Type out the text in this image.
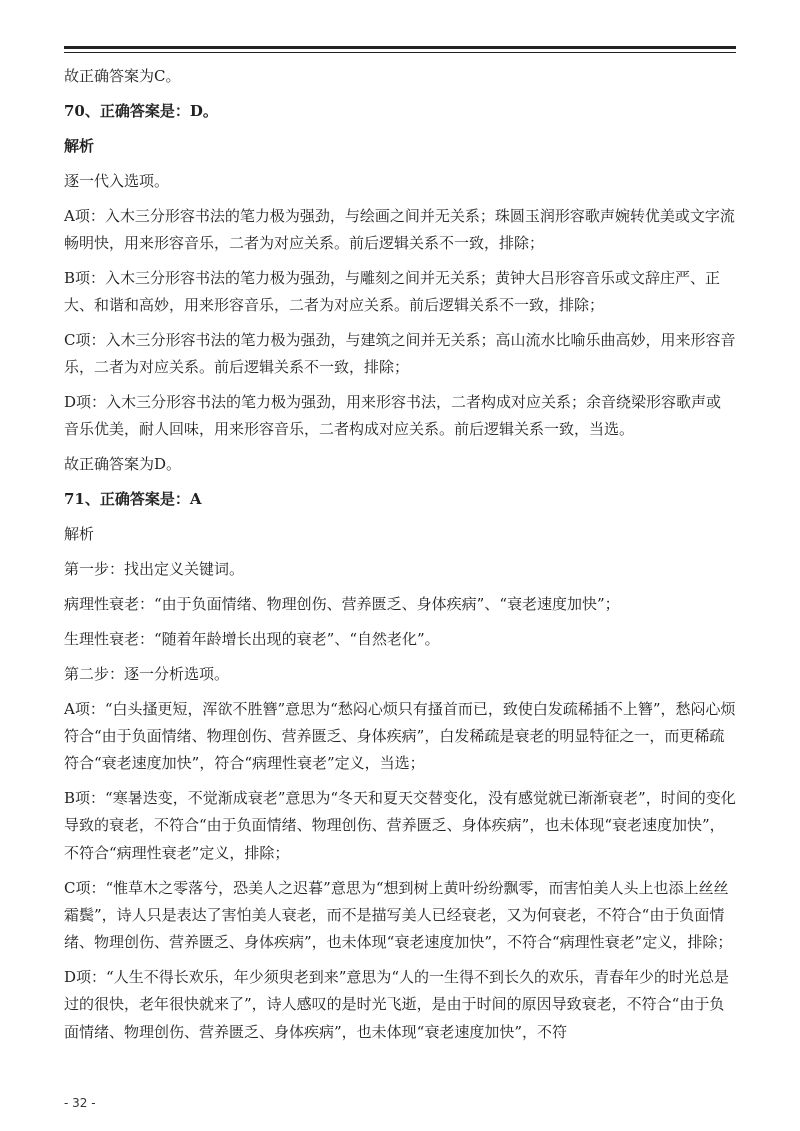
故正确答案为C。

70、正确答案是：D。

解析

逐一代入选项。

A项：入木三分形容书法的笔力极为强劲，与绘画之间并无关系；珠圆玉润形容歌声婉转优美或文字流畅明快，用来形容音乐，二者为对应关系。前后逻辑关系不一致，排除；

B项：入木三分形容书法的笔力极为强劲，与雕刻之间并无关系；黄钟大吕形容音乐或文辞庄严、正大、和谐和高妙，用来形容音乐，二者为对应关系。前后逻辑关系不一致，排除；

C项：入木三分形容书法的笔力极为强劲，与建筑之间并无关系；高山流水比喻乐曲高妙，用来形容音乐，二者为对应关系。前后逻辑关系不一致，排除；

D项：入木三分形容书法的笔力极为强劲，用来形容书法，二者构成对应关系；余音绕梁形容歌声或音乐优美，耐人回味，用来形容音乐，二者构成对应关系。前后逻辑关系一致，当选。

故正确答案为D。

71、正确答案是：A

解析

第一步：找出定义关键词。

病理性衰老：“由于负面情绪、物理创伤、营养匮乏、身体疾病”、“衰老速度加快”；

生理性衰老：“随着年龄增长出现的衰老”、“自然老化”。

第二步：逐一分析选项。

A项：“白头搔更短，浑欲不胜簪”意思为“愁闷心烦只有搔首而已，致使白发疏稀插不上簪”，愁闷心烦符合“由于负面情绪、物理创伤、营养匮乏、身体疾病”，白发稀疏是衰老的明显特征之一，而更稀疏符合“衰老速度加快”，符合“病理性衰老”定义，当选；

B项：“寒暑迭变，不觉渐成衰老”意思为“冬天和夏天交替变化，没有感觉就已渐渐衰老”，时间的变化导致的衰老，不符合“由于负面情绪、物理创伤、营养匮乏、身体疾病”，也未体现“衰老速度加快”，不符合“病理性衰老”定义，排除；

C项：“惟草木之零落兮，恐美人之迟暮”意思为“想到树上黄叶纷纷飘零，而害怕美人头上也添上丝丝霜鬓”，诗人只是表达了害怕美人衰老，而不是描写美人已经衰老，又为何衰老，不符合“由于负面情绪、物理创伤、营养匮乏、身体疾病”，也未体现“衰老速度加快”，不符合“病理性衰老”定义，排除；

D项：“人生不得长欢乐，年少须臾老到来”意思为“人的一生得不到长久的欢乐，青春年少的时光总是过的很快，老年很快就来了”，诗人感叹的是时光飞逝，是由于时间的原因导致衰老，不符合“由于负面情绪、物理创伤、营养匮乏、身体疾病”，也未体现“衰老速度加快”，不符

- 32 -
